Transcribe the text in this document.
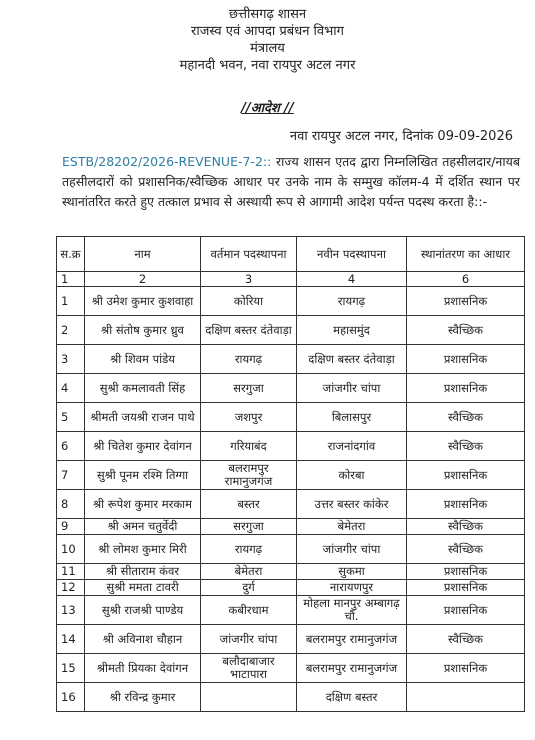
छत्तीसगढ़ शासन
राजस्व एवं आपदा प्रबंधन विभाग
मंत्रालय
महानदी भवन, नवा रायपुर अटल नगर
//आदेश //
नवा रायपुर अटल नगर, दिनांक 09-09-2026
ESTB/28202/2026-REVENUE-7-2:: राज्य शासन एतद द्वारा निम्नलिखित तहसीलदार/नायब तहसीलदारों को प्रशासनिक/स्वैच्छिक आधार पर उनके नाम के सम्मुख कॉलम-4 में दर्शित स्थान पर स्थानांतरित करते हुए तत्काल प्रभाव से अस्थायी रूप से आगामी आदेश पर्यन्त पदस्थ करता है::-
स.क्र	नाम	वर्तमान पदस्थापना	नवीन पदस्थापना	स्थानांतरण का आधार
1	2	3	4	6
1	श्री उमेश कुमार कुशवाहा	कोरिया	रायगढ़	प्रशासनिक
2	श्री संतोष कुमार ध्रुव	दक्षिण बस्तर दंतेवाड़ा	महासमुंद	स्वैच्छिक
3	श्री शिवम पांडेय	रायगढ़	दक्षिण बस्तर दंतेवाड़ा	प्रशासनिक
4	सुश्री कमलावती सिंह	सरगुजा	जांजगीर चांपा	प्रशासनिक
5	श्रीमती जयश्री राजन पाथे	जशपुर	बिलासपुर	स्वैच्छिक
6	श्री चितेश कुमार देवांगन	गरियाबंद	राजनांदगांव	स्वैच्छिक
7	सुश्री पूनम रश्मि तिग्गा	बलरामपुर रामानुजगंज	कोरबा	प्रशासनिक
8	श्री रूपेश कुमार मरकाम	बस्तर	उत्तर बस्तर कांकेर	प्रशासनिक
9	श्री अमन चतुर्वेदी	सरगुजा	बेमेतरा	स्वैच्छिक
10	श्री लोमश कुमार मिरी	रायगढ़	जांजगीर चांपा	स्वैच्छिक
11	श्री सीताराम कंवर	बेमेतरा	सुकमा	प्रशासनिक
12	सुश्री ममता टावरी	दुर्ग	नारायणपुर	प्रशासनिक
13	सुश्री राजश्री पाण्डेय	कबीरधाम	मोहला मानपुर अम्बागढ़ चौं.	प्रशासनिक
14	श्री अविनाश चौहान	जांजगीर चांपा	बलरामपुर रामानुजगंज	स्वैच्छिक
15	श्रीमती प्रियका देवांगन	बलौदाबाजार भाटापारा	बलरामपुर रामानुजगंज	प्रशासनिक
16	श्री रविन्द्र कुमार		दक्षिण बस्तर	
